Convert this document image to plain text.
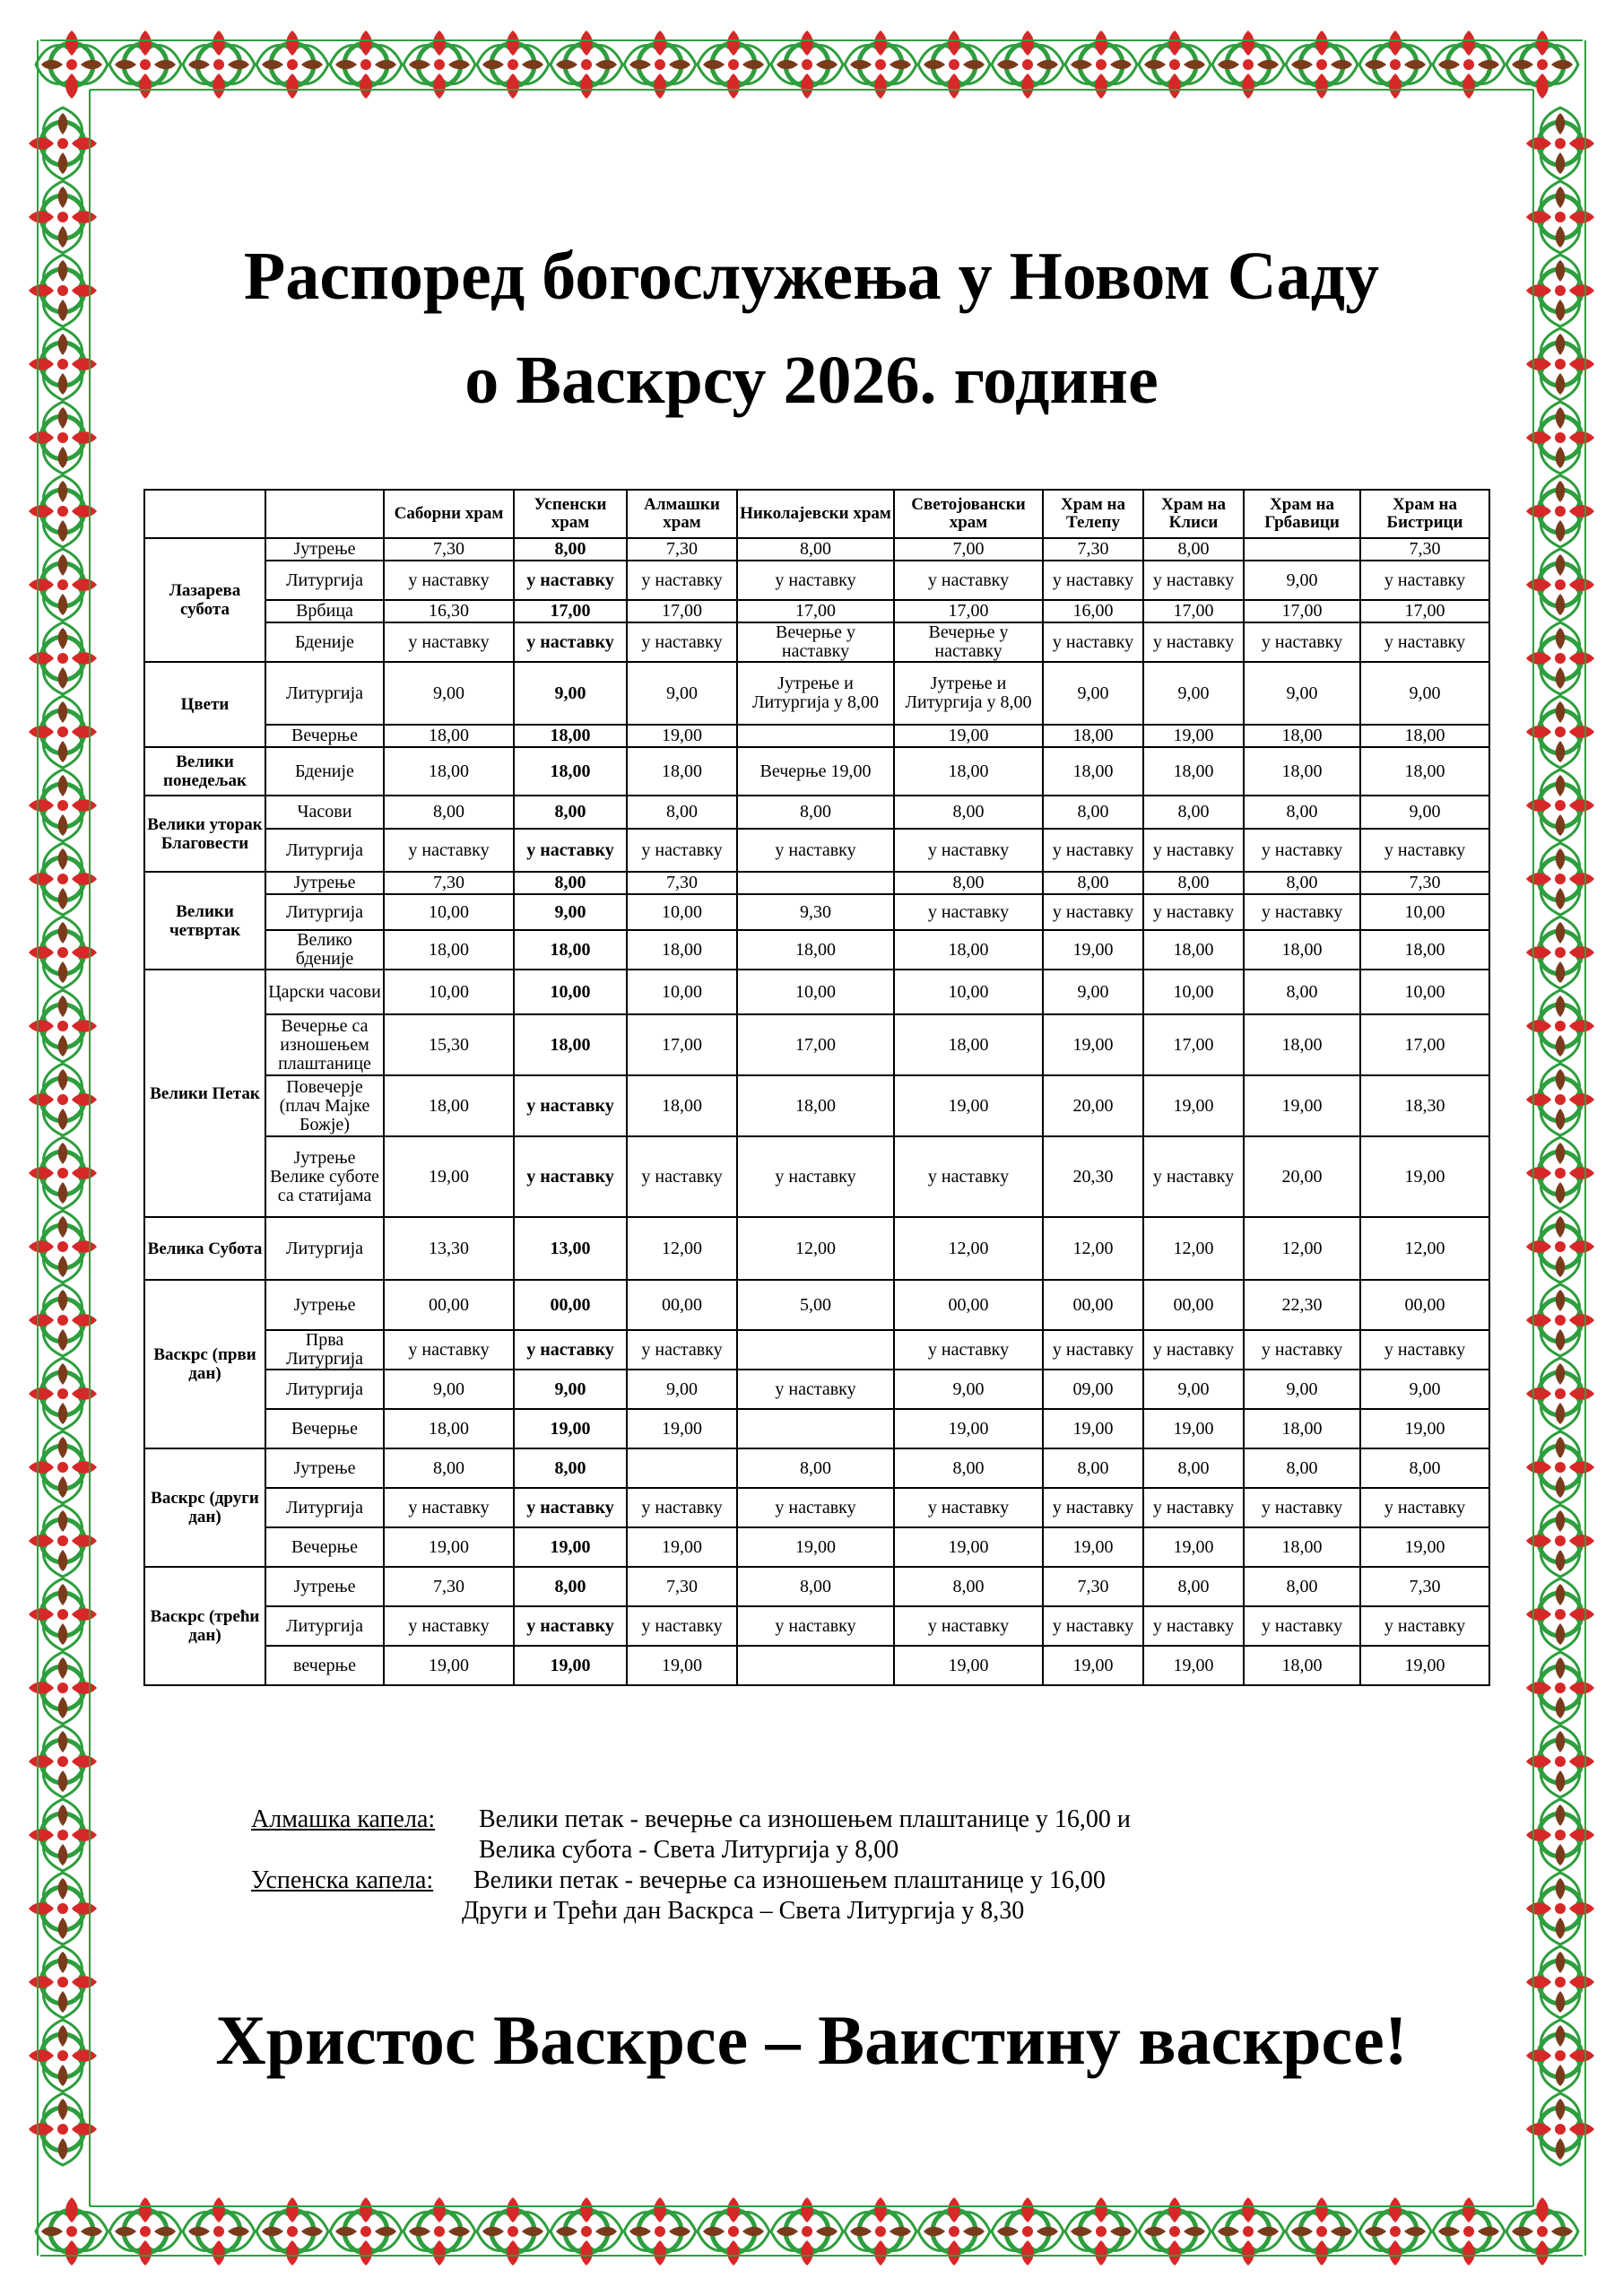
Распоред богослужења у Новом Саду
о Васкрсу 2026. године
		Саборни храм	Успенски храм	Алмашки храм	Николајевски храм	Светојовански храм	Храм на Телепу	Храм на Клиси	Храм на Грбавици	Храм на Бистрици
Лазарева субота	Јутрење	7,30	8,00	7,30	8,00	7,00	7,30	8,00		7,30
	Литургија	у наставку	у наставку	у наставку	у наставку	у наставку	у наставку	у наставку	9,00	у наставку
	Врбица	16,30	17,00	17,00	17,00	17,00	16,00	17,00	17,00	17,00
	Бденије	у наставку	у наставку	у наставку	Вечерње у наставку	Вечерње у наставку	у наставку	у наставку	у наставку	у наставку
Цвети	Литургија	9,00	9,00	9,00	Јутрење и Литургија у 8,00	Јутрење и Литургија у 8,00	9,00	9,00	9,00	9,00
	Вечерње	18,00	18,00	19,00		19,00	18,00	19,00	18,00	18,00
Велики понедељак	Бденије	18,00	18,00	18,00	Вечерње 19,00	18,00	18,00	18,00	18,00	18,00
Велики уторак Благовести	Часови	8,00	8,00	8,00	8,00	8,00	8,00	8,00	8,00	9,00
	Литургија	у наставку	у наставку	у наставку	у наставку	у наставку	у наставку	у наставку	у наставку	у наставку
Велики четвртак	Јутрење	7,30	8,00	7,30		8,00	8,00	8,00	8,00	7,30
	Литургија	10,00	9,00	10,00	9,30	у наставку	у наставку	у наставку	у наставку	10,00
	Велико бденије	18,00	18,00	18,00	18,00	18,00	19,00	18,00	18,00	18,00
Велики Петак	Царски часови	10,00	10,00	10,00	10,00	10,00	9,00	10,00	8,00	10,00
	Вечерње са изношењем плаштанице	15,30	18,00	17,00	17,00	18,00	19,00	17,00	18,00	17,00
	Повечерје (плач Мајке Божје)	18,00	у наставку	18,00	18,00	19,00	20,00	19,00	19,00	18,30
	Јутрење Велике суботе са статијама	19,00	у наставку	у наставку	у наставку	у наставку	20,30	у наставку	20,00	19,00
Велика Субота	Литургија	13,30	13,00	12,00	12,00	12,00	12,00	12,00	12,00	12,00
Васкрс (први дан)	Јутрење	00,00	00,00	00,00	5,00	00,00	00,00	00,00	22,30	00,00
	Прва Литургија	у наставку	у наставку	у наставку		у наставку	у наставку	у наставку	у наставку	у наставку
	Литургија	9,00	9,00	9,00	у наставку	9,00	09,00	9,00	9,00	9,00
	Вечерње	18,00	19,00	19,00		19,00	19,00	19,00	18,00	19,00
Васкрс (други дан)	Јутрење	8,00	8,00		8,00	8,00	8,00	8,00	8,00	8,00
	Литургија	у наставку	у наставку	у наставку	у наставку	у наставку	у наставку	у наставку	у наставку	у наставку
	Вечерње	19,00	19,00	19,00	19,00	19,00	19,00	19,00	18,00	19,00
Васкрс (трећи дан)	Јутрење	7,30	8,00	7,30	8,00	8,00	7,30	8,00	8,00	7,30
	Литургија	у наставку	у наставку	у наставку	у наставку	у наставку	у наставку	у наставку	у наставку	у наставку
	вечерње	19,00	19,00	19,00		19,00	19,00	19,00	18,00	19,00
Алмашка капела: Велики петак - вечерње са изношењем плаштанице у 16,00 и
Велика субота - Света Литургија у 8,00
Успенска капела: Велики петак - вечерње са изношењем плаштанице у 16,00
Други и Трећи дан Васкрса – Света Литургија у 8,30
Христос Васкрсе – Ваистину васкрсе!
